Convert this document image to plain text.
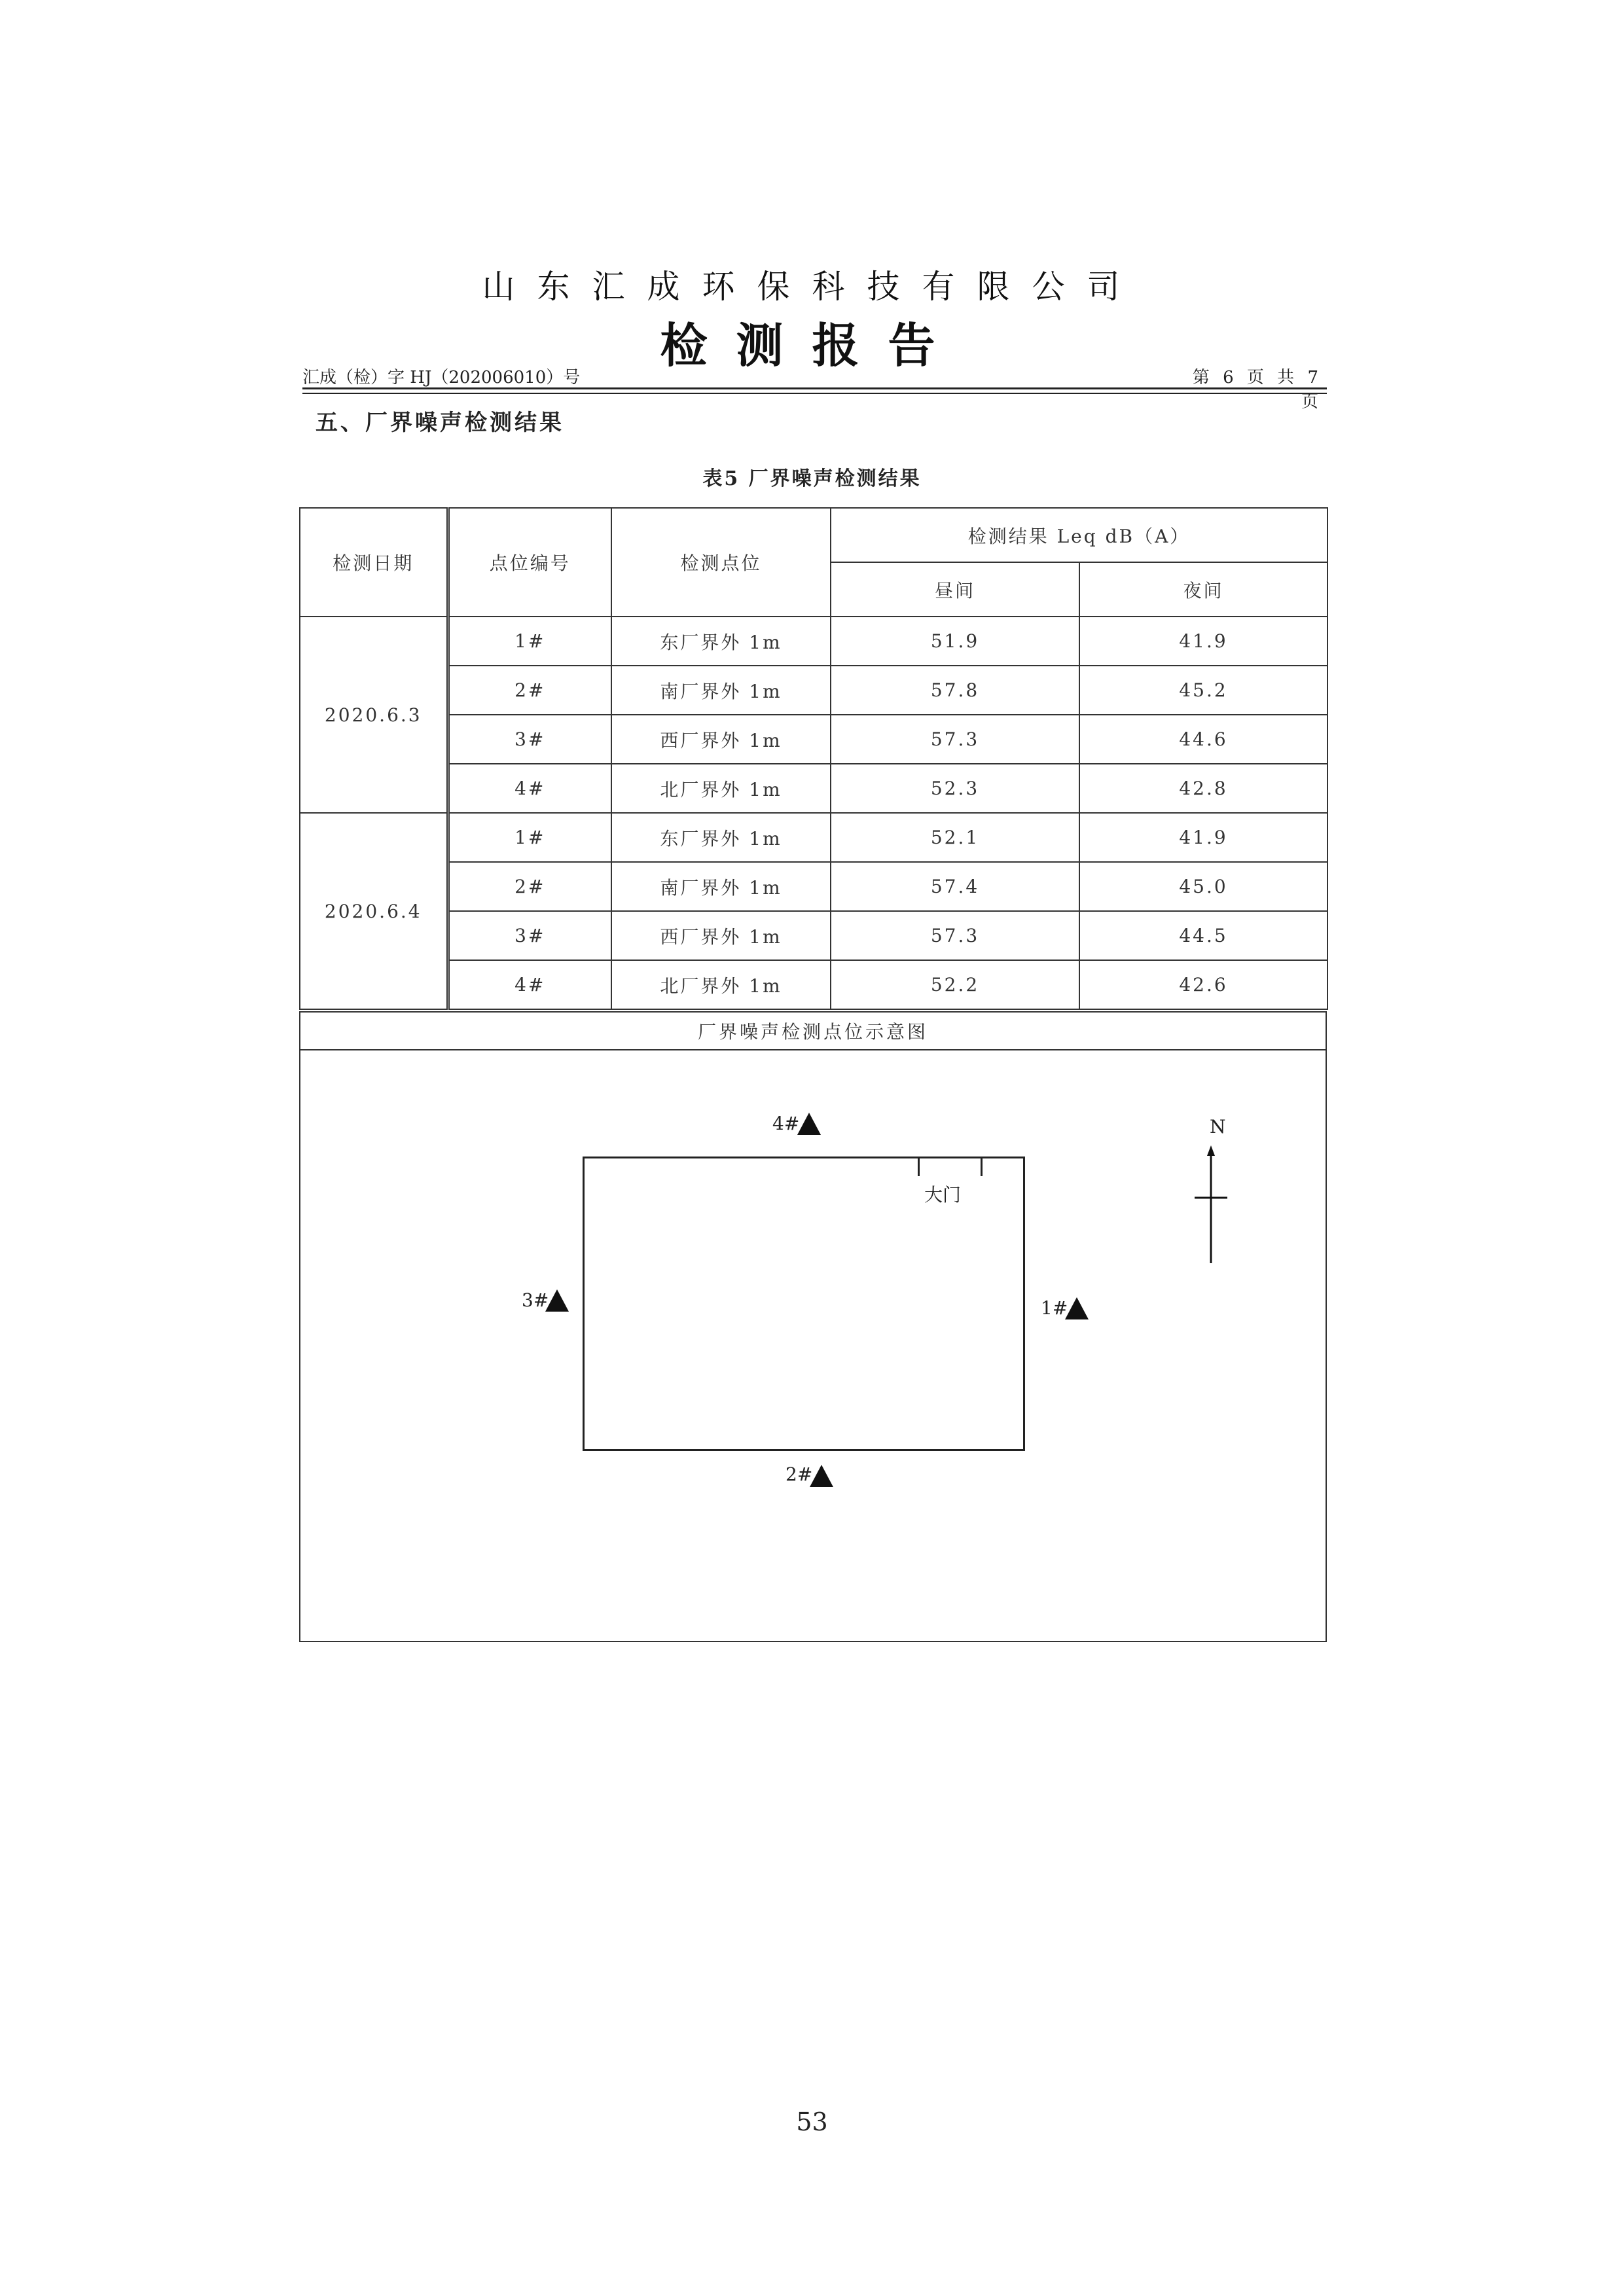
山东汇成环保科技有限公司
检测报告
汇成（检）字 HJ（202006010）号	第 6 页 共 7 页
五、厂界噪声检测结果
表5 厂界噪声检测结果
检测日期	点位编号	检测点位	检测结果 Leq dB（A）	
			昼间	夜间
2020.6.3	1#	东厂界外 1m	51.9	41.9
	2#	南厂界外 1m	57.8	45.2
	3#	西厂界外 1m	57.3	44.6
	4#	北厂界外 1m	52.3	42.8
2020.6.4	1#	东厂界外 1m	52.1	41.9
	2#	南厂界外 1m	57.4	45.0
	3#	西厂界外 1m	57.3	44.5
	4#	北厂界外 1m	52.2	42.6
厂界噪声检测点位示意图
大门
4#
3#	1#
2#
N
53
